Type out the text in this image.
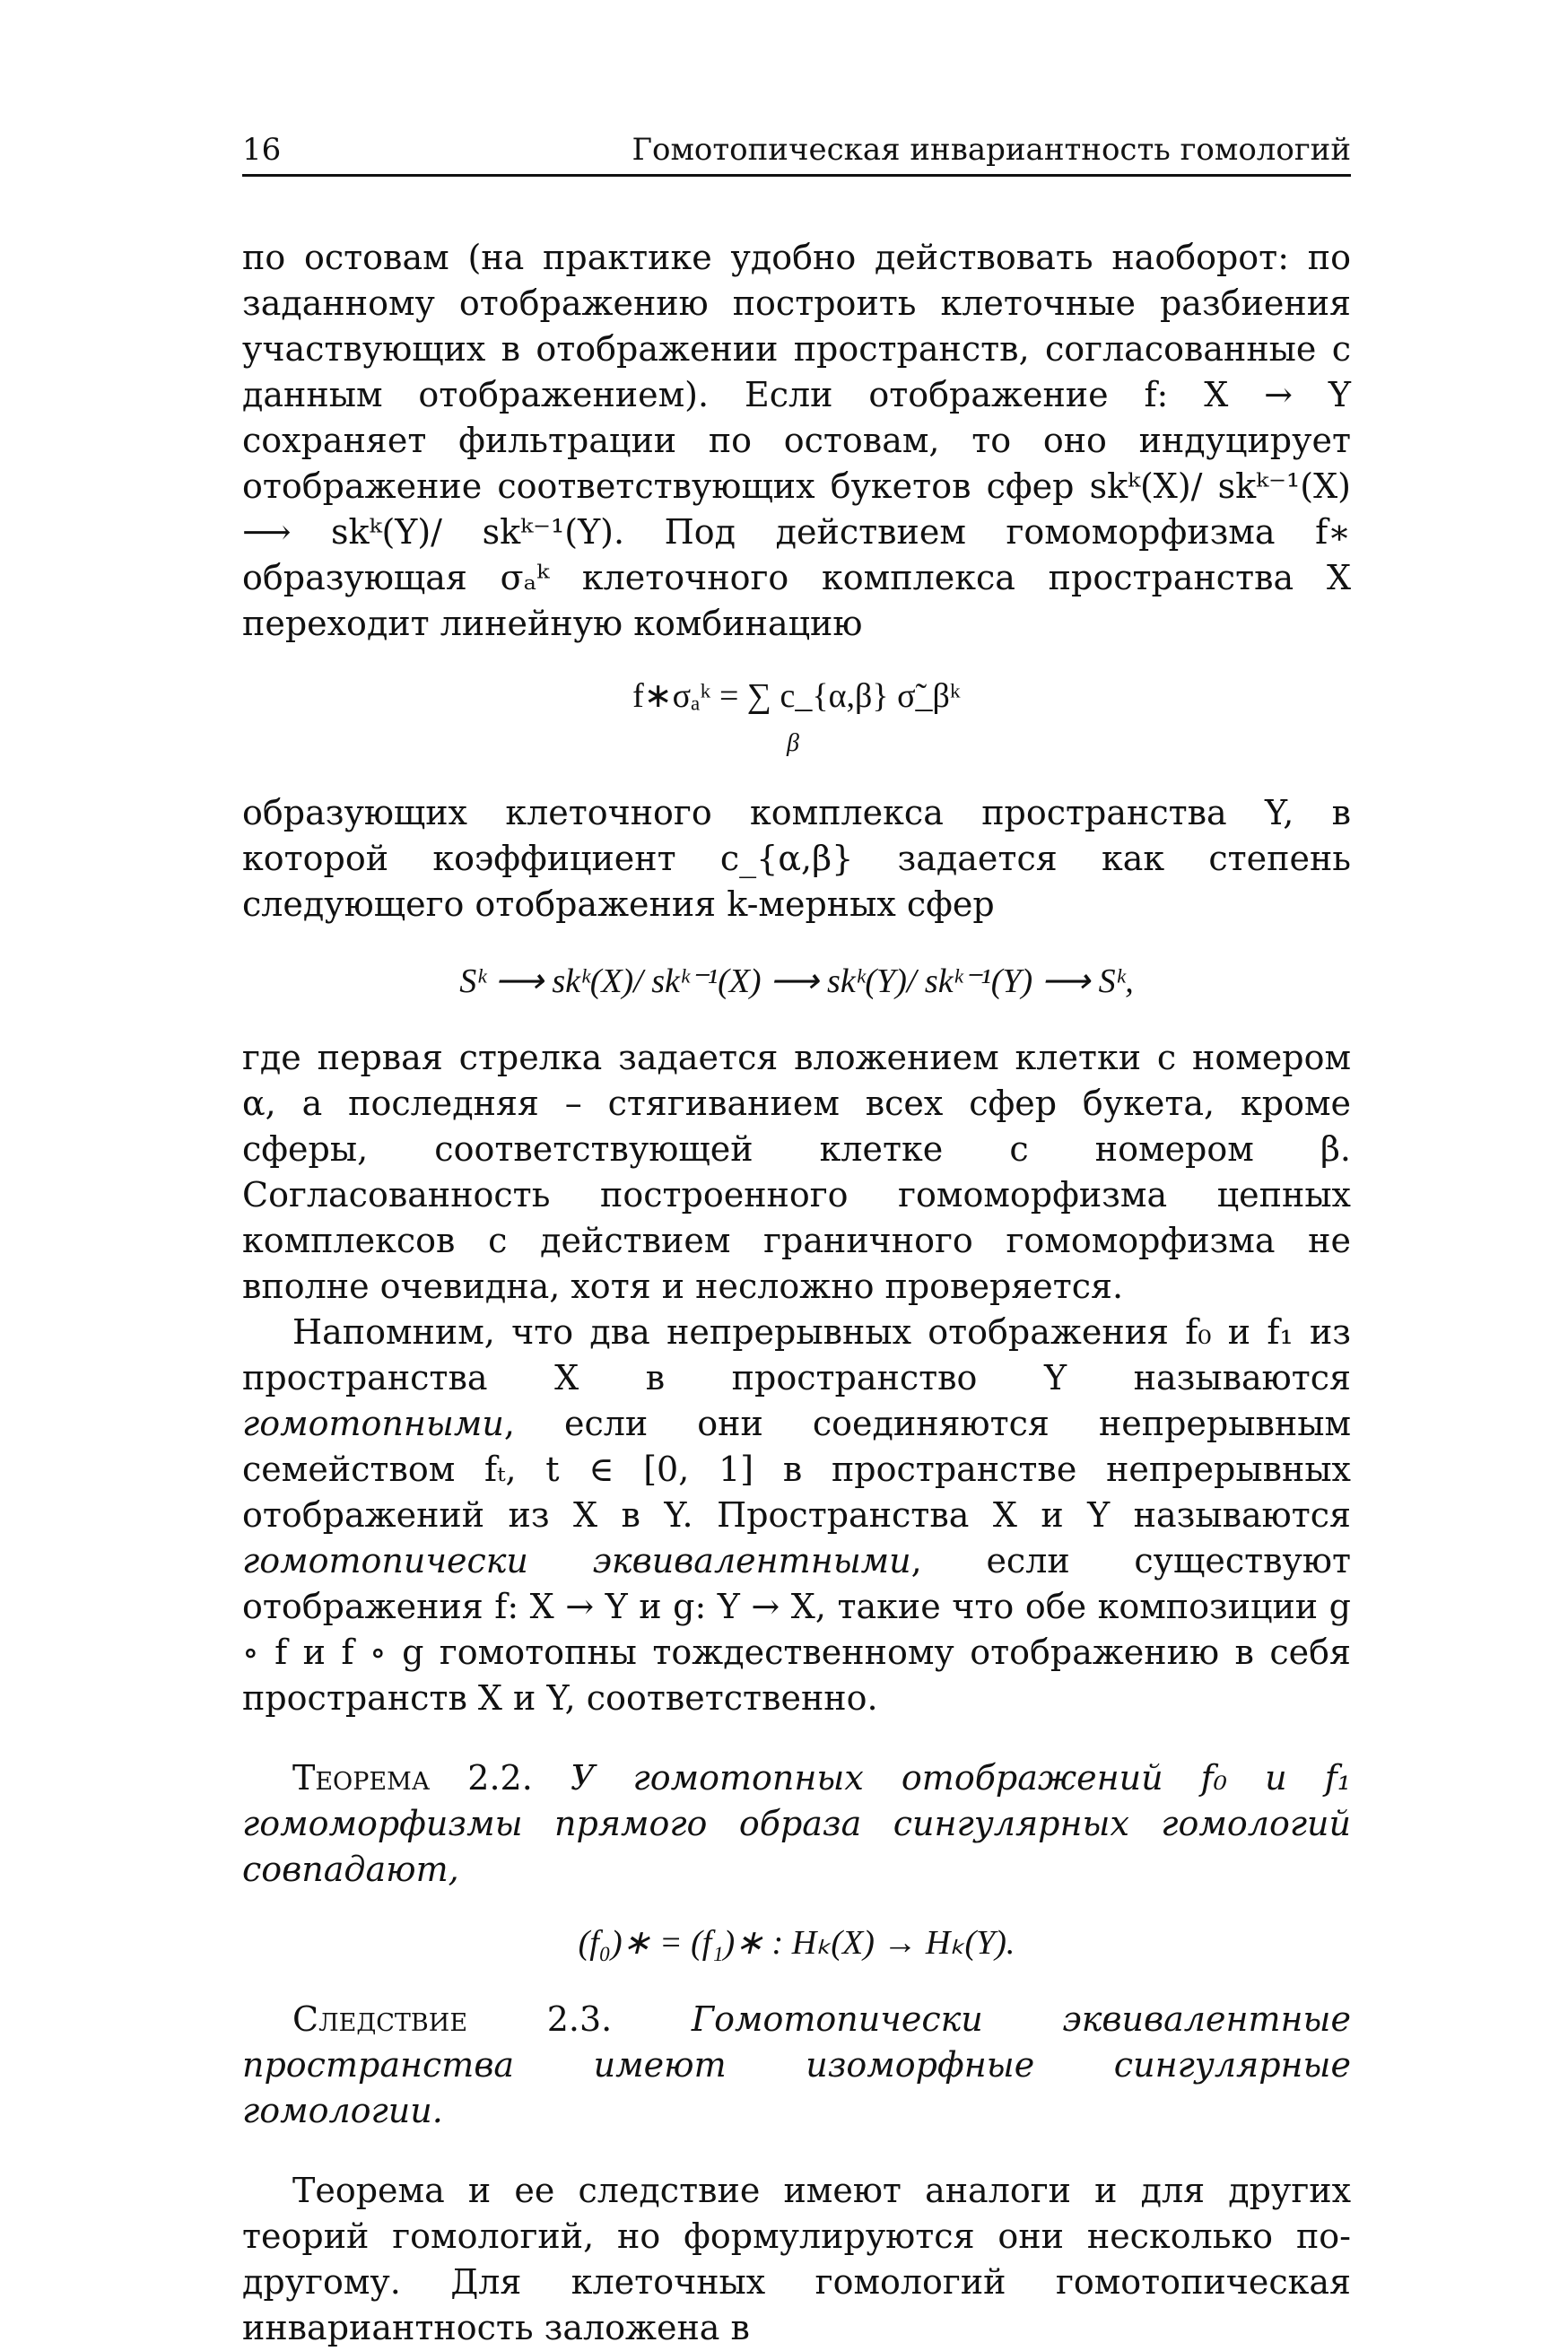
16	Гомотопическая инвариантность гомологий

по остовам (на практике удобно действовать наоборот: по заданному отображению построить клеточные разбиения участвующих в отображении пространств, согласованные с данным отображением). Если отображение f: X → Y сохраняет фильтрации по остовам, то оно индуцирует отображение соответствующих букетов сфер skᵏ(X)/ skᵏ⁻¹(X) ⟶ skᵏ(Y)/ skᵏ⁻¹(Y). Под действием гомоморфизма f∗ образующая σₐᵏ клеточного комплекса пространства X переходит линейную комбинацию

f∗σₐᵏ = ∑ c_{α,β} σ̃_βᵏ
β

образующих клеточного комплекса пространства Y, в которой коэффициент c_{α,β} задается как степень следующего отображения k-мерных сфер

Sᵏ ⟶ skᵏ(X)/ skᵏ⁻¹(X) ⟶ skᵏ(Y)/ skᵏ⁻¹(Y) ⟶ Sᵏ,

где первая стрелка задается вложением клетки с номером α, а последняя – стягиванием всех сфер букета, кроме сферы, соответствующей клетке с номером β. Согласованность построенного гомоморфизма цепных комплексов с действием граничного гомоморфизма не вполне очевидна, хотя и несложно проверяется.

Напомним, что два непрерывных отображения f₀ и f₁ из пространства X в пространство Y называются гомотопными, если они соединяются непрерывным семейством fₜ, t ∈ [0, 1] в пространстве непрерывных отображений из X в Y. Пространства X и Y называются гомотопически эквивалентными, если существуют отображения f: X → Y и g: Y → X, такие что обе композиции g ∘ f и f ∘ g гомотопны тождественному отображению в себя пространств X и Y, соответственно.

Теорема 2.2. У гомотопных отображений f₀ и f₁ гомоморфизмы прямого образа сингулярных гомологий совпадают,

(f₀)∗ = (f₁)∗ : Hₖ(X) → Hₖ(Y).

Следствие 2.3. Гомотопически эквивалентные пространства имеют изоморфные сингулярные гомологии.

Теорема и ее следствие имеют аналоги и для других теорий гомологий, но формулируются они несколько по-другому. Для клеточных гомологий гомотопическая инвариантность заложена в
